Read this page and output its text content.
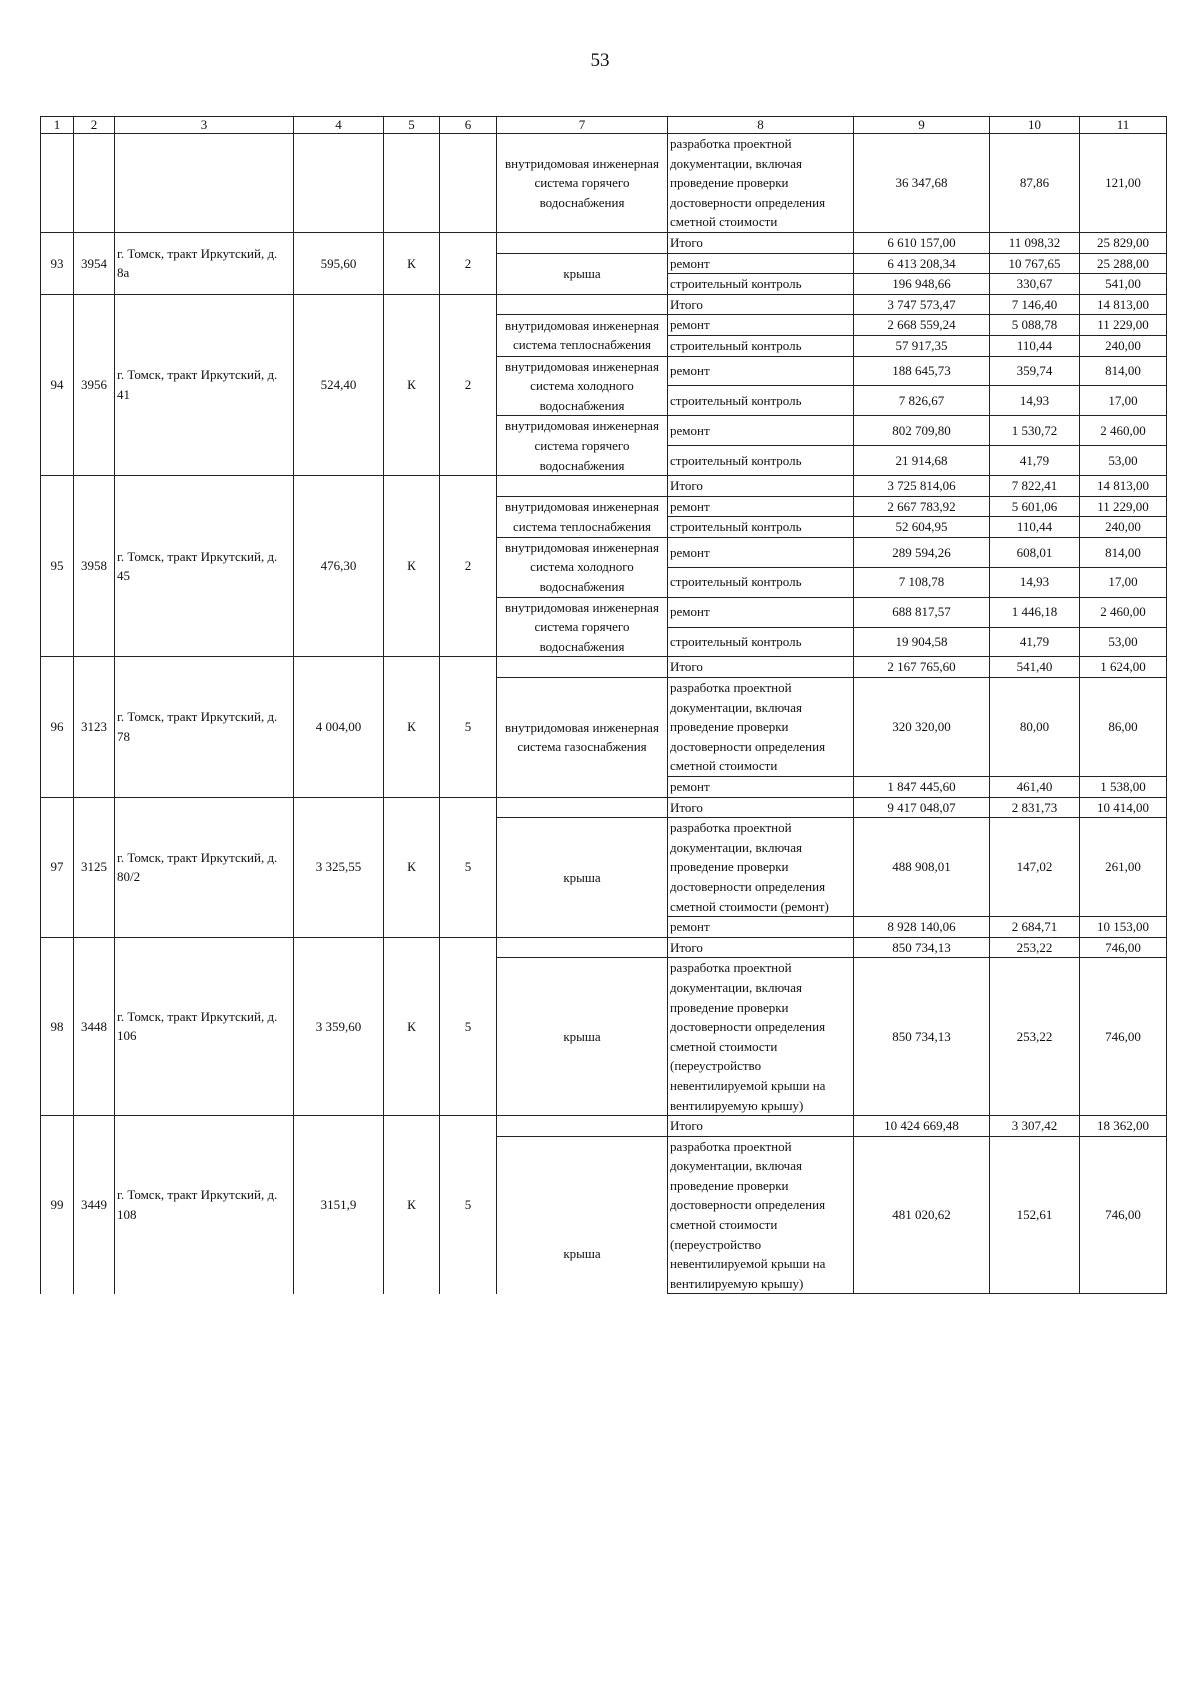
53
1	2	3	4	5	6	7	8	9	10	11
						внутридомовая инженерная система горячего водоснабжения	разработка проектной документации, включая проведение проверки достоверности определения сметной стоимости	36 347,68	87,86	121,00
93	3954	г. Томск, тракт Иркутский, д. 8а	595,60	К	2		Итого	6 610 157,00	11 098,32	25 829,00
						крыша	ремонт	6 413 208,34	10 767,65	25 288,00
							строительный контроль	196 948,66	330,67	541,00
94	3956	г. Томск, тракт Иркутский, д. 41	524,40	К	2		Итого	3 747 573,47	7 146,40	14 813,00
						внутридомовая инженерная система теплоснабжения	ремонт	2 668 559,24	5 088,78	11 229,00
							строительный контроль	57 917,35	110,44	240,00
						внутридомовая инженерная система холодного водоснабжения	ремонт	188 645,73	359,74	814,00
							строительный контроль	7 826,67	14,93	17,00
						внутридомовая инженерная система горячего водоснабжения	ремонт	802 709,80	1 530,72	2 460,00
							строительный контроль	21 914,68	41,79	53,00
95	3958	г. Томск, тракт Иркутский, д. 45	476,30	К	2		Итого	3 725 814,06	7 822,41	14 813,00
						внутридомовая инженерная система теплоснабжения	ремонт	2 667 783,92	5 601,06	11 229,00
							строительный контроль	52 604,95	110,44	240,00
						внутридомовая инженерная система холодного водоснабжения	ремонт	289 594,26	608,01	814,00
							строительный контроль	7 108,78	14,93	17,00
						внутридомовая инженерная система горячего водоснабжения	ремонт	688 817,57	1 446,18	2 460,00
							строительный контроль	19 904,58	41,79	53,00
96	3123	г. Томск, тракт Иркутский, д. 78	4 004,00	К	5		Итого	2 167 765,60	541,40	1 624,00
						внутридомовая инженерная система газоснабжения	разработка проектной документации, включая проведение проверки достоверности определения сметной стоимости	320 320,00	80,00	86,00
							ремонт	1 847 445,60	461,40	1 538,00
97	3125	г. Томск, тракт Иркутский, д. 80/2	3 325,55	К	5		Итого	9 417 048,07	2 831,73	10 414,00
						крыша	разработка проектной документации, включая проведение проверки достоверности определения сметной стоимости (ремонт)	488 908,01	147,02	261,00
							ремонт	8 928 140,06	2 684,71	10 153,00
98	3448	г. Томск, тракт Иркутский, д. 106	3 359,60	К	5		Итого	850 734,13	253,22	746,00
						крыша	разработка проектной документации, включая проведение проверки достоверности определения сметной стоимости (переустройство невентилируемой крыши на вентилируемую крышу)	850 734,13	253,22	746,00
99	3449	г. Томск, тракт Иркутский, д. 108	3151,9	К	5		Итого	10 424 669,48	3 307,42	18 362,00
						крыша	разработка проектной документации, включая проведение проверки достоверности определения сметной стоимости (переустройство невентилируемой крыши на вентилируемую крышу)	481 020,62	152,61	746,00
